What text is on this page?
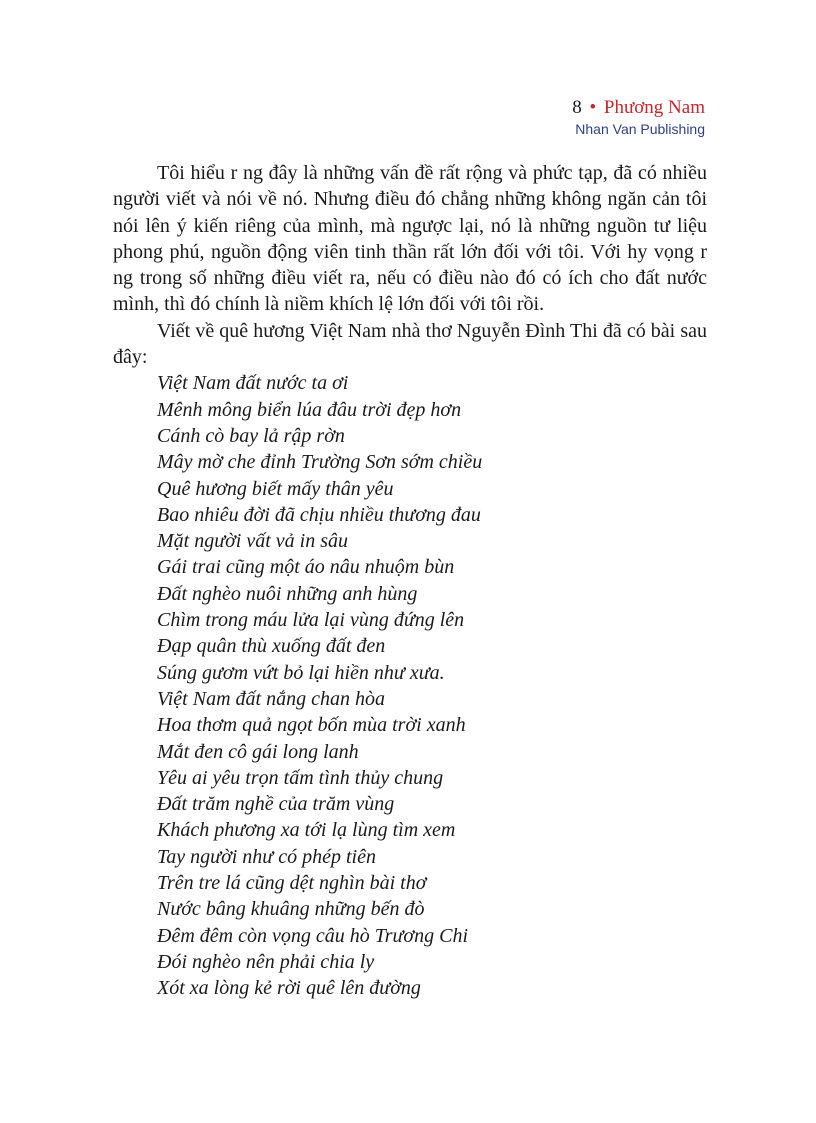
8 • Phương Nam
Nhan Van Publishing

Tôi hiểu r ng đây là những vấn đề rất rộng và phức tạp, đã có nhiều người viết và nói về nó. Nhưng điều đó chẳng những không ngăn cản tôi nói lên ý kiến riêng của mình, mà ngược lại, nó là những nguồn tư liệu phong phú, nguồn động viên tinh thần rất lớn đối với tôi. Với hy vọng r ng trong số những điều viết ra, nếu có điều nào đó có ích cho đất nước mình, thì đó chính là niềm khích lệ lớn đối với tôi rồi.

Viết về quê hương Việt Nam nhà thơ Nguyễn Đình Thi đã có bài sau đây:

Việt Nam đất nước ta ơi
Mênh mông biển lúa đâu trời đẹp hơn
Cánh cò bay lả rập rờn
Mây mờ che đỉnh Trường Sơn sớm chiều
Quê hương biết mấy thân yêu
Bao nhiêu đời đã chịu nhiều thương đau
Mặt người vất vả in sâu
Gái trai cũng một áo nâu nhuộm bùn
Đất nghèo nuôi những anh hùng
Chìm trong máu lửa lại vùng đứng lên
Đạp quân thù xuống đất đen
Súng gươm vứt bỏ lại hiền như xưa.
Việt Nam đất nắng chan hòa
Hoa thơm quả ngọt bốn mùa trời xanh
Mắt đen cô gái long lanh
Yêu ai yêu trọn tấm tình thủy chung
Đất trăm nghề của trăm vùng
Khách phương xa tới lạ lùng tìm xem
Tay người như có phép tiên
Trên tre lá cũng dệt nghìn bài thơ
Nước bâng khuâng những bến đò
Đêm đêm còn vọng câu hò Trương Chi
Đói nghèo nên phải chia ly
Xót xa lòng kẻ rời quê lên đường
